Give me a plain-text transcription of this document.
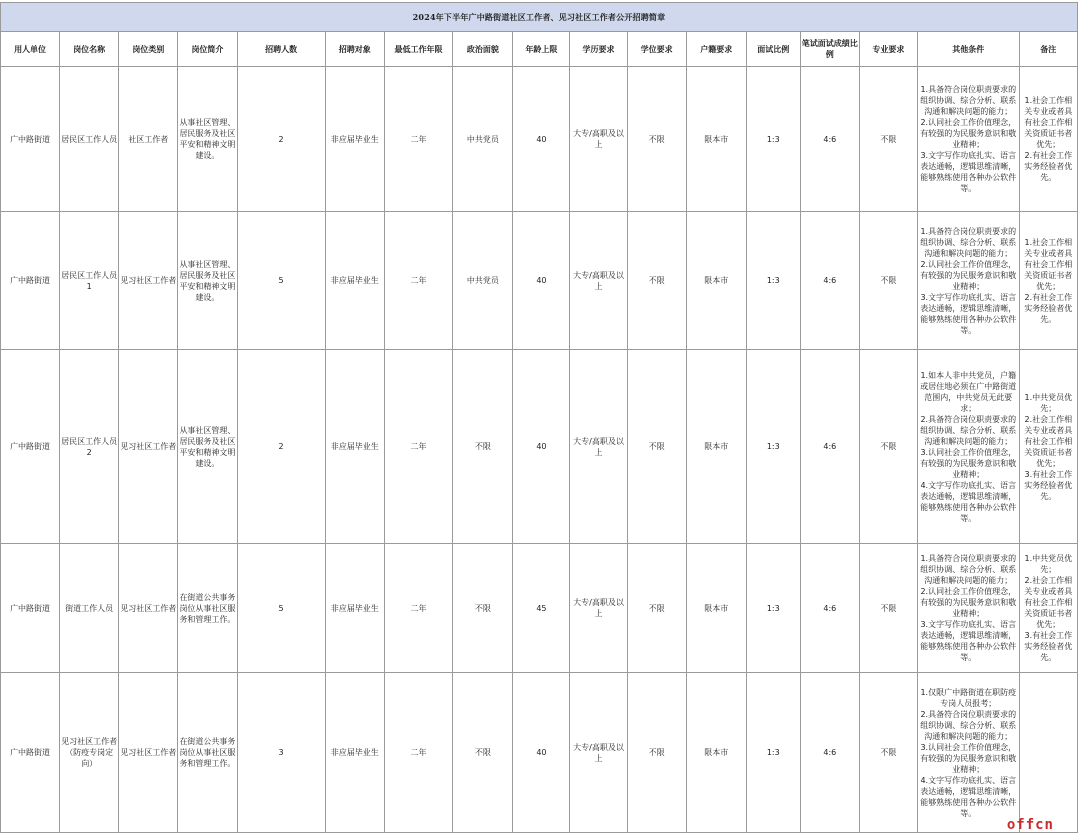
2024年下半年广中路街道社区工作者、见习社区工作者公开招聘简章																
用人单位	岗位名称	岗位类别	岗位简介	招聘人数	招聘对象	最低工作年限	政治面貌	年龄上限	学历要求	学位要求	户籍要求	面试比例	笔试面试成绩比例	专业要求	其他条件	备注
广中路街道	居民区工作人员	社区工作者	从事社区管理、居民服务及社区平安和精神文明建设。	2	非应届毕业生	二年	中共党员	40	大专/高职及以上	不限	限本市	1:3	4:6	不限	1.具备符合岗位职责要求的组织协调、综合分析、联系沟通和解决问题的能力；
2.认同社会工作价值理念，有较强的为民服务意识和敬业精神；
3.文字写作功底扎实、语言表达通畅，逻辑思维清晰，能够熟练使用各种办公软件等。	1.社会工作相关专业或者具有社会工作相关资质证书者优先；
2.有社会工作实务经验者优先。
广中路街道	居民区工作人员1	见习社区工作者	从事社区管理、居民服务及社区平安和精神文明建设。	5	非应届毕业生	二年	中共党员	40	大专/高职及以上	不限	限本市	1:3	4:6	不限	1.具备符合岗位职责要求的组织协调、综合分析、联系沟通和解决问题的能力；
2.认同社会工作价值理念，有较强的为民服务意识和敬业精神；
3.文字写作功底扎实、语言表达通畅，逻辑思维清晰，能够熟练使用各种办公软件等。	1.社会工作相关专业或者具有社会工作相关资质证书者优先；
2.有社会工作实务经验者优先。
广中路街道	居民区工作人员2	见习社区工作者	从事社区管理、居民服务及社区平安和精神文明建设。	2	非应届毕业生	二年	不限	40	大专/高职及以上	不限	限本市	1:3	4:6	不限	1.如本人非中共党员，户籍或居住地必须在广中路街道范围内，中共党员无此要求；
2.具备符合岗位职责要求的组织协调、综合分析、联系沟通和解决问题的能力；
3.认同社会工作价值理念，有较强的为民服务意识和敬业精神；
4.文字写作功底扎实、语言表达通畅，逻辑思维清晰，能够熟练使用各种办公软件等。	1.中共党员优先；
2.社会工作相关专业或者具有社会工作相关资质证书者优先；
3.有社会工作实务经验者优先。
广中路街道	街道工作人员	见习社区工作者	在街道公共事务岗位从事社区服务和管理工作。	5	非应届毕业生	二年	不限	45	大专/高职及以上	不限	限本市	1:3	4:6	不限	1.具备符合岗位职责要求的组织协调、综合分析、联系沟通和解决问题的能力；
2.认同社会工作价值理念，有较强的为民服务意识和敬业精神；
3.文字写作功底扎实、语言表达通畅，逻辑思维清晰，能够熟练使用各种办公软件等。	1.中共党员优先；
2.社会工作相关专业或者具有社会工作相关资质证书者优先；
3.有社会工作实务经验者优先。
广中路街道	见习社区工作者（防疫专岗定向）	见习社区工作者	在街道公共事务岗位从事社区服务和管理工作。	3	非应届毕业生	二年	不限	40	大专/高职及以上	不限	限本市	1:3	4:6	不限	1.仅限广中路街道在职防疫专岗人员报考；
2.具备符合岗位职责要求的组织协调、综合分析、联系沟通和解决问题的能力；
3.认同社会工作价值理念，有较强的为民服务意识和敬业精神；
4.文字写作功底扎实、语言表达通畅，逻辑思维清晰，能够熟练使用各种办公软件等。	
offcn
